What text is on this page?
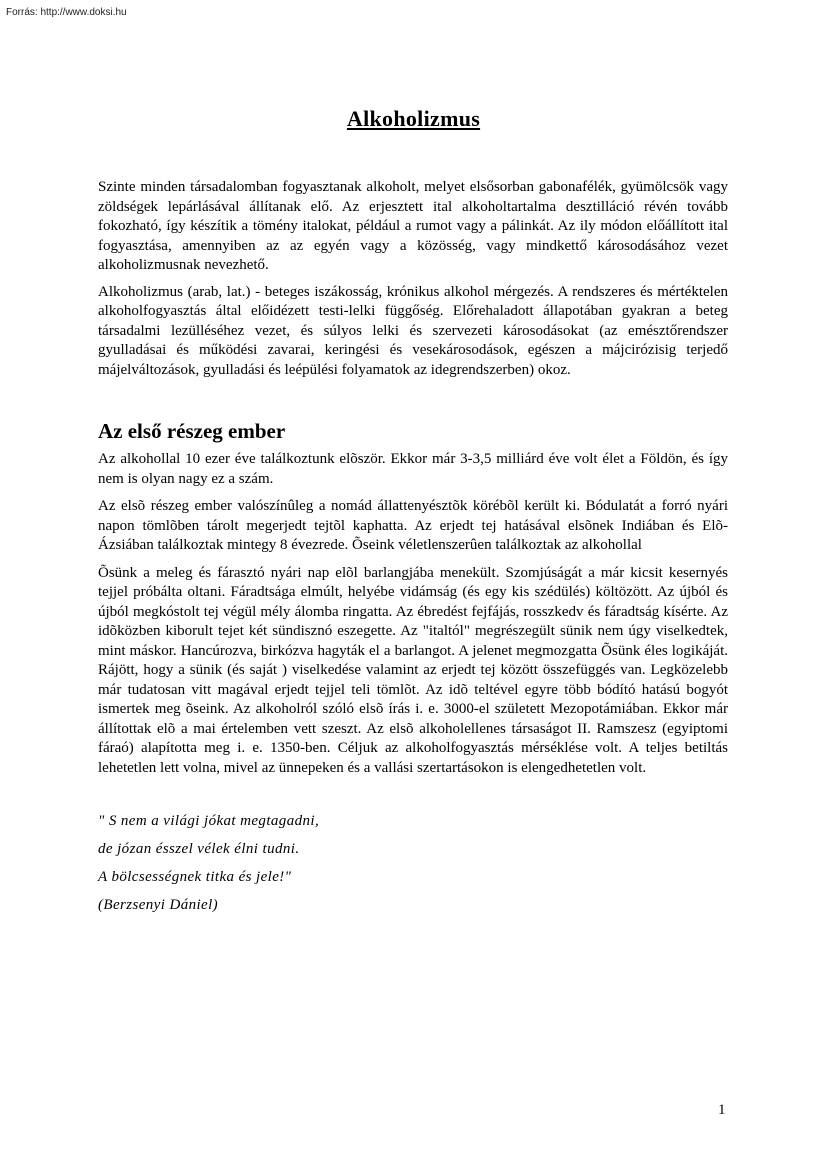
Forrás: http://www.doksi.hu
Alkoholizmus

Szinte minden társadalomban fogyasztanak alkoholt, melyet elsősorban gabonafélék, gyümölcsök vagy zöldségek lepárlásával állítanak elő. Az erjesztett ital alkoholtartalma desztilláció révén tovább fokozható, így készítik a tömény italokat, például a rumot vagy a pálinkát. Az ily módon előállított ital fogyasztása, amennyiben az az egyén vagy a közösség, vagy mindkettő károsodásához vezet alkoholizmusnak nevezhető.

Alkoholizmus (arab, lat.) - beteges iszákosság, krónikus alkohol mérgezés. A rendszeres és mértéktelen alkoholfogyasztás által előidézett testi-lelki függőség. Előrehaladott állapotában gyakran a beteg társadalmi lezülléséhez vezet, és súlyos lelki és szervezeti károsodásokat (az emésztőrendszer gyulladásai és működési zavarai, keringési és vesekárosodások, egészen a májcirózisig terjedő májelváltozások, gyulladási és leépülési folyamatok az idegrendszerben) okoz.

Az első részeg ember

Az alkohollal 10 ezer éve találkoztunk elõször. Ekkor már 3-3,5 milliárd éve volt élet a Földön, és így nem is olyan nagy ez a szám.

Az elsõ részeg ember valószínûleg a nomád állattenyésztõk körébõl került ki. Bódulatát a forró nyári napon tömlõben tárolt megerjedt tejtõl kaphatta. Az erjedt tej hatásával elsõnek Indiában és Elõ-Ázsiában találkoztak mintegy 8 évezrede. Õseink véletlenszerûen találkoztak az alkohollal

Õsünk a meleg és fárasztó nyári nap elõl barlangjába menekült. Szomjúságát a már kicsit kesernyés tejjel próbálta oltani. Fáradtsága elmúlt, helyébe vidámság (és egy kis szédülés) költözött. Az újból és újból megkóstolt tej végül mély álomba ringatta. Az ébredést fejfájás, rosszkedv és fáradtság kísérte. Az idõközben kiborult tejet két sündisznó eszegette. Az "italtól" megrészegült sünik nem úgy viselkedtek, mint máskor. Hancúrozva, birkózva hagyták el a barlangot. A jelenet megmozgatta Õsünk éles logikáját. Rájött, hogy a sünik (és saját ) viselkedése valamint az erjedt tej között összefüggés van. Legközelebb már tudatosan vitt magával erjedt tejjel teli tömlõt. Az idõ teltével egyre több bódító hatású bogyót ismertek meg õseink. Az alkoholról szóló elsõ írás i. e. 3000-el született Mezopotámiában. Ekkor már állítottak elõ a mai értelemben vett szeszt. Az elsõ alkoholellenes társaságot II. Ramszesz (egyiptomi fáraó) alapította meg i. e. 1350-ben. Céljuk az alkoholfogyasztás mérséklése volt. A teljes betiltás lehetetlen lett volna, mivel az ünnepeken és a vallási szertartásokon is elengedhetetlen volt.

" S nem a világi jókat megtagadni,
de józan ésszel vélek élni tudni.
A bölcsességnek titka és jele!"
(Berzsenyi Dániel)
1
